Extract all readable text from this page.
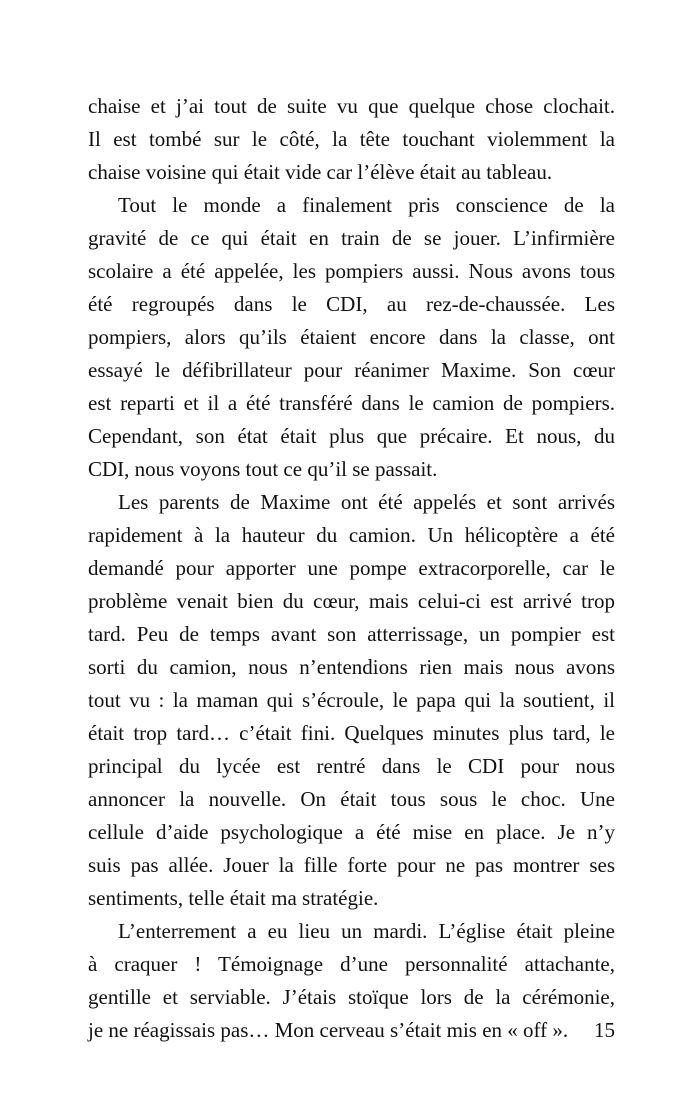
chaise et j’ai tout de suite vu que quelque chose clochait.
Il est tombé sur le côté, la tête touchant violemment la
chaise voisine qui était vide car l’élève était au tableau.
Tout le monde a finalement pris conscience de la
gravité de ce qui était en train de se jouer. L’infirmière
scolaire a été appelée, les pompiers aussi. Nous avons tous
été regroupés dans le CDI, au rez-de-chaussée. Les
pompiers, alors qu’ils étaient encore dans la classe, ont
essayé le défibrillateur pour réanimer Maxime. Son cœur
est reparti et il a été transféré dans le camion de pompiers.
Cependant, son état était plus que précaire. Et nous, du
CDI, nous voyons tout ce qu’il se passait.
Les parents de Maxime ont été appelés et sont arrivés
rapidement à la hauteur du camion. Un hélicoptère a été
demandé pour apporter une pompe extracorporelle, car le
problème venait bien du cœur, mais celui-ci est arrivé trop
tard. Peu de temps avant son atterrissage, un pompier est
sorti du camion, nous n’entendions rien mais nous avons
tout vu : la maman qui s’écroule, le papa qui la soutient, il
était trop tard… c’était fini. Quelques minutes plus tard, le
principal du lycée est rentré dans le CDI pour nous
annoncer la nouvelle. On était tous sous le choc. Une
cellule d’aide psychologique a été mise en place. Je n’y
suis pas allée. Jouer la fille forte pour ne pas montrer ses
sentiments, telle était ma stratégie.
L’enterrement a eu lieu un mardi. L’église était pleine
à craquer ! Témoignage d’une personnalité attachante,
gentille et serviable. J’étais stoïque lors de la cérémonie,
je ne réagissais pas… Mon cerveau s’était mis en « off ».	15
